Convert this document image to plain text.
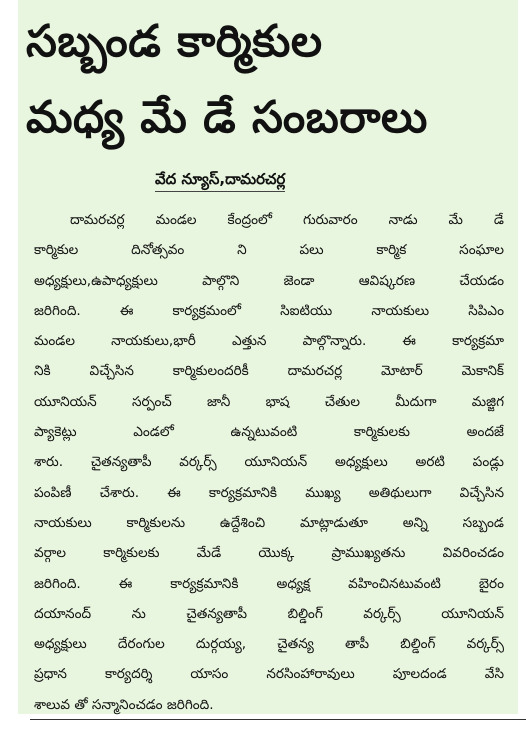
సబ్బండ కార్మికుల
మధ్య మే డే సంబరాలు
వేద న్యూస్,దామరచర్ల
దామరచర్ల మండల కేంద్రంలో గురువారం నాడు మే డే
కార్మికుల దినోత్సవం ని పలు కార్మిక సంఘాల
అధ్యక్షులు,ఉపాధ్యక్షులు పాల్గొని జెండా ఆవిష్కరణ చేయడం
జరిగింది. ఈ కార్యక్రమంలో సిఐటియు నాయకులు సిపిఎం
మండల నాయకులు,భారీ ఎత్తున పాల్గొన్నారు. ఈ కార్యక్రమా
నికి విచ్చేసిన కార్మికులందరికీ దామరచర్ల మోటార్ మెకానిక్
యూనియన్ సర్పంచ్ జానీ భాష చేతుల మీదుగా మజ్జిగ
ప్యాకెట్లు ఎండలో ఉన్నటువంటి కార్మికులకు అందజే
శారు. చైతన్యతాపీ వర్కర్స్ యూనియన్ అధ్యక్షులు అరటి పండ్లు
పంపిణీ చేశారు. ఈ కార్యక్రమానికి ముఖ్య అతిథులుగా విచ్చేసిన
నాయకులు కార్మికులను ఉద్దేశించి మాట్లాడుతూ అన్ని సబ్బండ
వర్గాల కార్మికులకు మేడే యొక్క ప్రాముఖ్యతను వివరించడం
జరిగింది. ఈ కార్యక్రమానికి అధ్యక్ష వహించినటువంటి బైరం
దయానంద్ ను చైతన్యతాపీ బిల్డింగ్ వర్కర్స్ యూనియన్
అధ్యక్షులు దేరంగుల దుర్గయ్య, చైతన్య తాపీ బిల్డింగ్ వర్కర్స్
ప్రధాన కార్యదర్శి యాసం నరసింహారావులు పూలదండ వేసి
శాలువ తో సన్మానించడం జరిగింది.
